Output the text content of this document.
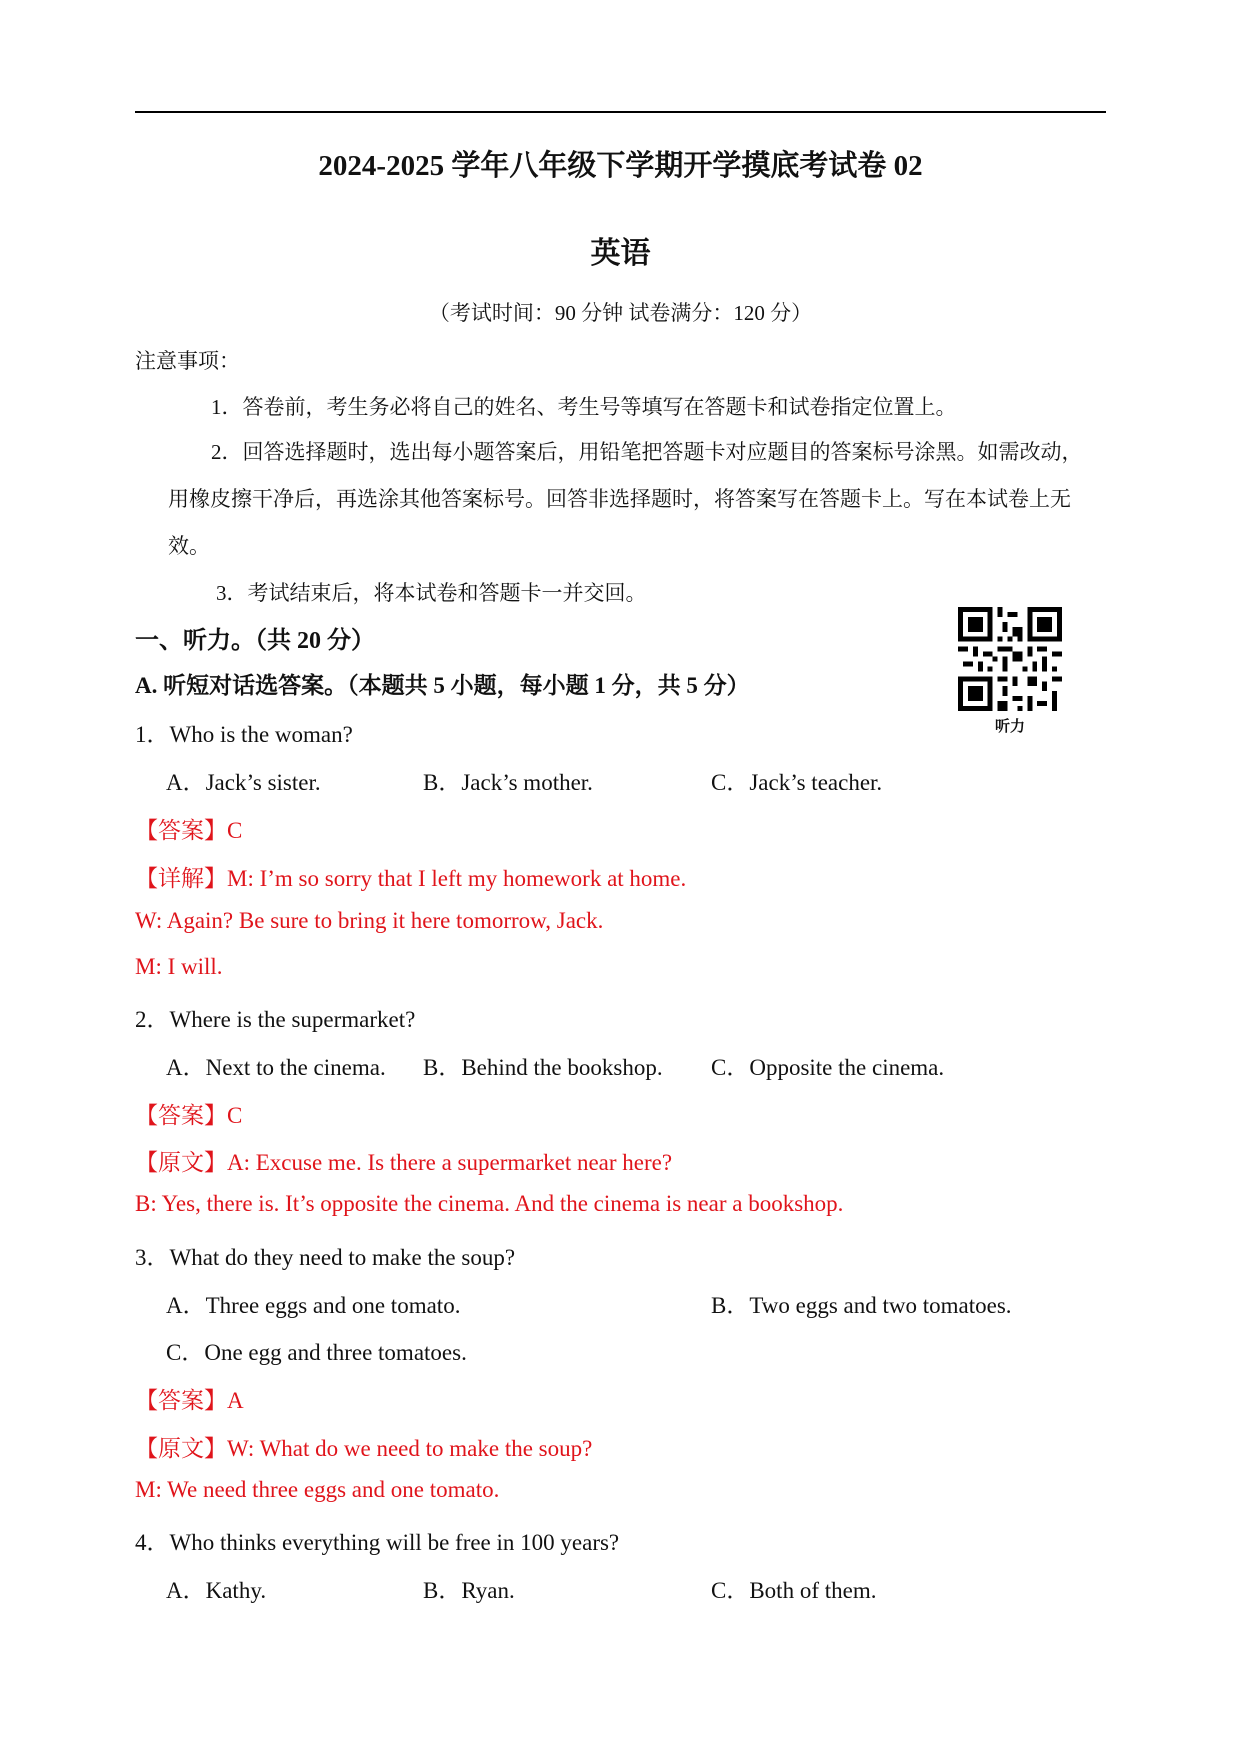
2024-2025 学年八年级下学期开学摸底考试卷 02
英语
（考试时间：90 分钟 试卷满分：120 分）
注意事项：
1．答卷前，考生务必将自己的姓名、考生号等填写在答题卡和试卷指定位置上。
2．回答选择题时，选出每小题答案后，用铅笔把答题卡对应题目的答案标号涂黑。如需改动，
用橡皮擦干净后，再选涂其他答案标号。回答非选择题时，将答案写在答题卡上。写在本试卷上无
效。
3．考试结束后，将本试卷和答题卡一并交回。
一、听力。（共 20 分）
A. 听短对话选答案。（本题共 5 小题，每小题 1 分，共 5 分）
听力
1．Who is the woman?
A．Jack’s sister.	B．Jack’s mother.	C．Jack’s teacher.
【答案】C
【详解】M: I’m so sorry that I left my homework at home.
W: Again? Be sure to bring it here tomorrow, Jack.
M: I will.
2．Where is the supermarket?
A．Next to the cinema. B．Behind the bookshop. C．Opposite the cinema.
【答案】C
【原文】A: Excuse me. Is there a supermarket near here?
B: Yes, there is. It’s opposite the cinema. And the cinema is near a bookshop.
3．What do they need to make the soup?
A．Three eggs and one tomato.	B．Two eggs and two tomatoes.
C．One egg and three tomatoes.
【答案】A
【原文】W: What do we need to make the soup?
M: We need three eggs and one tomato.
4．Who thinks everything will be free in 100 years?
A．Kathy.	B．Ryan.	C．Both of them.
